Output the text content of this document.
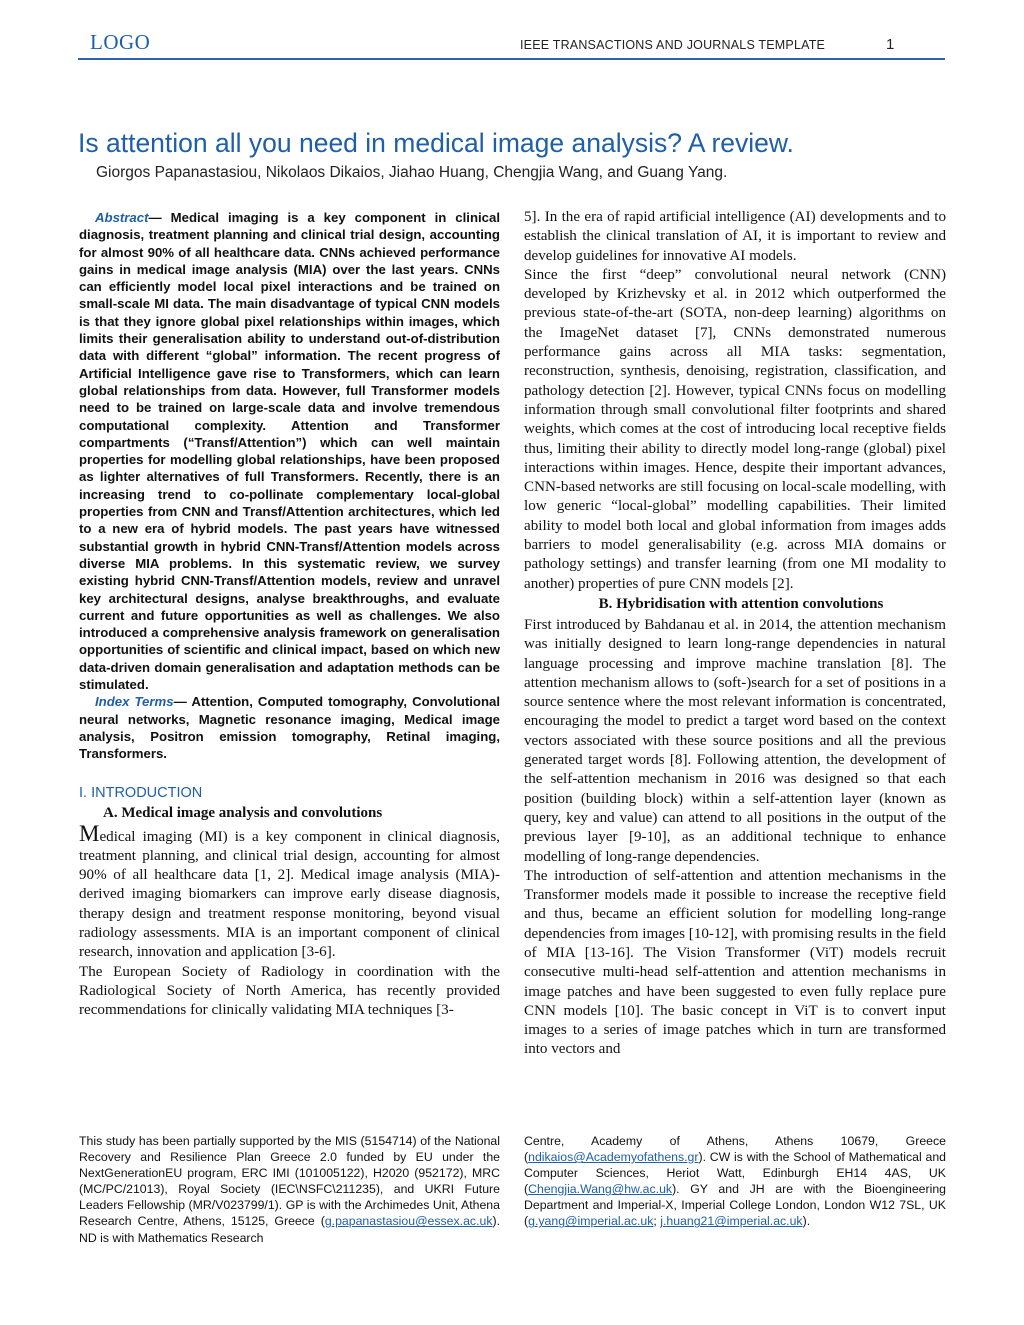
LOGO	IEEE TRANSACTIONS AND JOURNALS TEMPLATE	1
Is attention all you need in medical image analysis? A review.
Giorgos Papanastasiou, Nikolaos Dikaios, Jiahao Huang, Chengjia Wang, and Guang Yang.

Abstract— Medical imaging is a key component in clinical diagnosis, treatment planning and clinical trial design, accounting for almost 90% of all healthcare data. CNNs achieved performance gains in medical image analysis (MIA) over the last years. CNNs can efficiently model local pixel interactions and be trained on small-scale MI data. The main disadvantage of typical CNN models is that they ignore global pixel relationships within images, which limits their generalisation ability to understand out-of-distribution data with different “global” information. The recent progress of Artificial Intelligence gave rise to Transformers, which can learn global relationships from data. However, full Transformer models need to be trained on large-scale data and involve tremendous computational complexity. Attention and Transformer compartments (“Transf/Attention”) which can well maintain properties for modelling global relationships, have been proposed as lighter alternatives of full Transformers. Recently, there is an increasing trend to co-pollinate complementary local-global properties from CNN and Transf/Attention architectures, which led to a new era of hybrid models. The past years have witnessed substantial growth in hybrid CNN-Transf/Attention models across diverse MIA problems. In this systematic review, we survey existing hybrid CNN-Transf/Attention models, review and unravel key architectural designs, analyse breakthroughs, and evaluate current and future opportunities as well as challenges. We also introduced a comprehensive analysis framework on generalisation opportunities of scientific and clinical impact, based on which new data-driven domain generalisation and adaptation methods can be stimulated.

Index Terms— Attention, Computed tomography, Convolutional neural networks, Magnetic resonance imaging, Medical image analysis, Positron emission tomography, Retinal imaging, Transformers.

I. INTRODUCTION
A. Medical image analysis and convolutions

Medical imaging (MI) is a key component in clinical diagnosis, treatment planning, and clinical trial design, accounting for almost 90% of all healthcare data [1, 2]. Medical image analysis (MIA)-derived imaging biomarkers can improve early disease diagnosis, therapy design and treatment response monitoring, beyond visual radiology assessments. MIA is an important component of clinical research, innovation and application [3-6].

The European Society of Radiology in coordination with the Radiological Society of North America, has recently provided recommendations for clinically validating MIA techniques [3-

5]. In the era of rapid artificial intelligence (AI) developments and to establish the clinical translation of AI, it is important to review and develop guidelines for innovative AI models.

Since the first “deep” convolutional neural network (CNN) developed by Krizhevsky et al. in 2012 which outperformed the previous state-of-the-art (SOTA, non-deep learning) algorithms on the ImageNet dataset [7], CNNs demonstrated numerous performance gains across all MIA tasks: segmentation, reconstruction, synthesis, denoising, registration, classification, and pathology detection [2]. However, typical CNNs focus on modelling information through small convolutional filter footprints and shared weights, which comes at the cost of introducing local receptive fields thus, limiting their ability to directly model long-range (global) pixel interactions within images. Hence, despite their important advances, CNN-based networks are still focusing on local-scale modelling, with low generic “local-global” modelling capabilities. Their limited ability to model both local and global information from images adds barriers to model generalisability (e.g. across MIA domains or pathology settings) and transfer learning (from one MI modality to another) properties of pure CNN models [2].

B. Hybridisation with attention convolutions

First introduced by Bahdanau et al. in 2014, the attention mechanism was initially designed to learn long-range dependencies in natural language processing and improve machine translation [8]. The attention mechanism allows to (soft-)search for a set of positions in a source sentence where the most relevant information is concentrated, encouraging the model to predict a target word based on the context vectors associated with these source positions and all the previous generated target words [8]. Following attention, the development of the self-attention mechanism in 2016 was designed so that each position (building block) within a self-attention layer (known as query, key and value) can attend to all positions in the output of the previous layer [9-10], as an additional technique to enhance modelling of long-range dependencies.

The introduction of self-attention and attention mechanisms in the Transformer models made it possible to increase the receptive field and thus, became an efficient solution for modelling long-range dependencies from images [10-12], with promising results in the field of MIA [13-16]. The Vision Transformer (ViT) models recruit consecutive multi-head self-attention and attention mechanisms in image patches and have been suggested to even fully replace pure CNN models [10]. The basic concept in ViT is to convert input images to a series of image patches which in turn are transformed into vectors and

This study has been partially supported by the MIS (5154714) of the National Recovery and Resilience Plan Greece 2.0 funded by EU under the NextGenerationEU program, ERC IMI (101005122), H2020 (952172), MRC (MC/PC/21013), Royal Society (IEC\NSFC\211235), and UKRI Future Leaders Fellowship (MR/V023799/1). GP is with the Archimedes Unit, Athena Research Centre, Athens, 15125, Greece (g.papanastasiou@essex.ac.uk). ND is with Mathematics Research
Centre, Academy of Athens, Athens 10679, Greece (ndikaios@Academyofathens.gr). CW is with the School of Mathematical and Computer Sciences, Heriot Watt, Edinburgh EH14 4AS, UK (Chengjia.Wang@hw.ac.uk). GY and JH are with the Bioengineering Department and Imperial-X, Imperial College London, London W12 7SL, UK (g.yang@imperial.ac.uk; j.huang21@imperial.ac.uk).
